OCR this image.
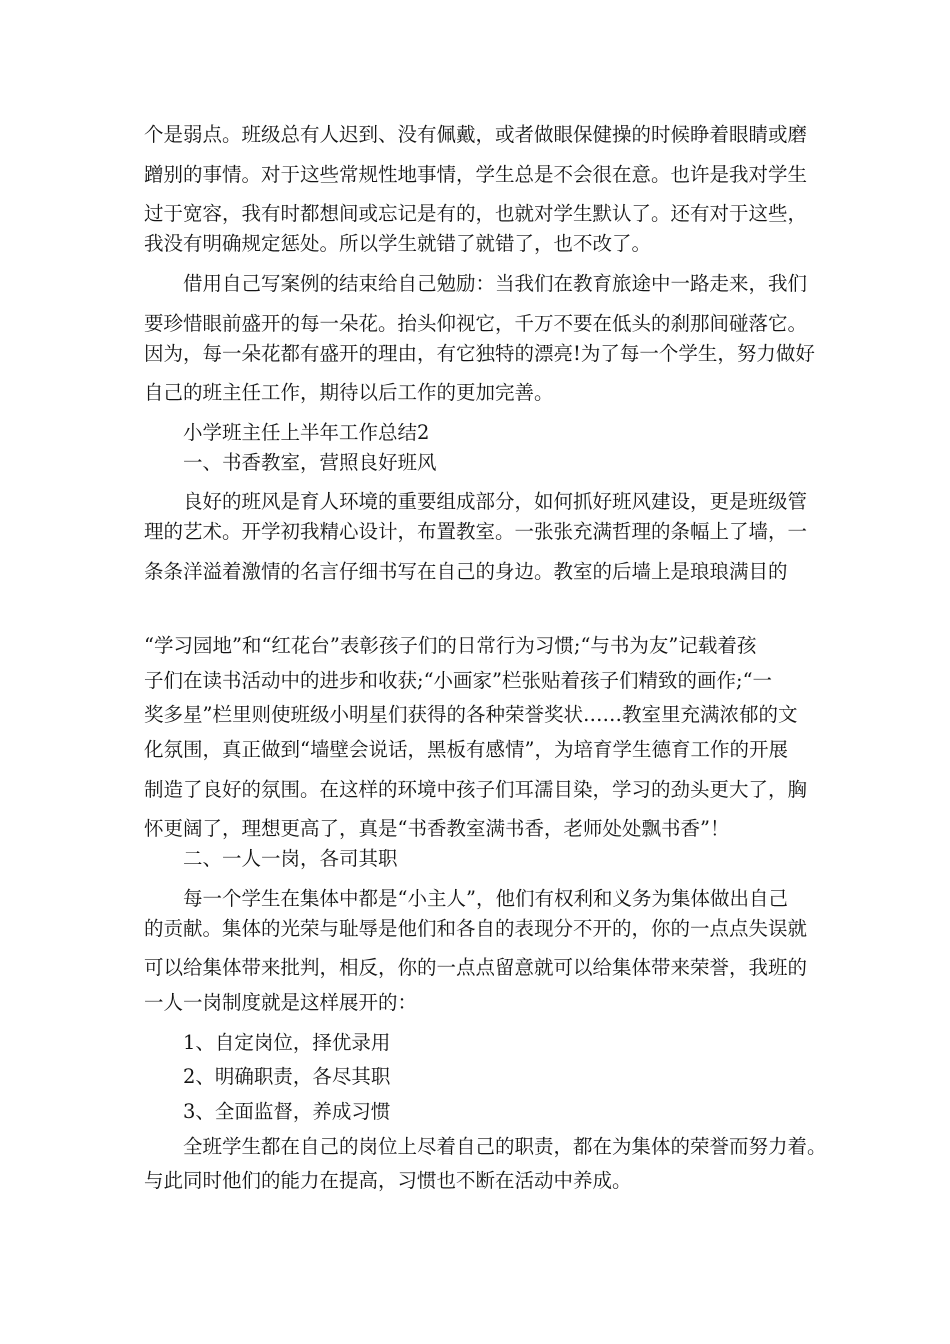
个是弱点。班级总有人迟到、没有佩戴，或者做眼保健操的时候睁着眼睛或磨
蹭别的事情。对于这些常规性地事情，学生总是不会很在意。也许是我对学生
过于宽容，我有时都想间或忘记是有的，也就对学生默认了。还有对于这些，
我没有明确规定惩处。所以学生就错了就错了，也不改了。
借用自己写案例的结束给自己勉励：当我们在教育旅途中一路走来，我们
要珍惜眼前盛开的每一朵花。抬头仰视它，千万不要在低头的刹那间碰落它。
因为，每一朵花都有盛开的理由，有它独特的漂亮!为了每一个学生，努力做好
自己的班主任工作，期待以后工作的更加完善。
小学班主任上半年工作总结2
一、书香教室，营照良好班风
良好的班风是育人环境的重要组成部分，如何抓好班风建设，更是班级管
理的艺术。开学初我精心设计，布置教室。一张张充满哲理的条幅上了墙，一
条条洋溢着激情的名言仔细书写在自己的身边。教室的后墙上是琅琅满目的
“学习园地”和“红花台”表彰孩子们的日常行为习惯;“与书为友”记载着孩
子们在读书活动中的进步和收获;“小画家”栏张贴着孩子们精致的画作;“一
奖多星”栏里则使班级小明星们获得的各种荣誉奖状……教室里充满浓郁的文
化氛围，真正做到“墙壁会说话，黑板有感情”，为培育学生德育工作的开展
制造了良好的氛围。在这样的环境中孩子们耳濡目染，学习的劲头更大了，胸
怀更阔了，理想更高了，真是“书香教室满书香，老师处处飘书香”！
二、一人一岗，各司其职
每一个学生在集体中都是“小主人”，他们有权利和义务为集体做出自己
的贡献。集体的光荣与耻辱是他们和各自的表现分不开的，你的一点点失误就
可以给集体带来批判，相反，你的一点点留意就可以给集体带来荣誉，我班的
一人一岗制度就是这样展开的：
1、自定岗位，择优录用
2、明确职责，各尽其职
3、全面监督，养成习惯
全班学生都在自己的岗位上尽着自己的职责，都在为集体的荣誉而努力着。
与此同时他们的能力在提高，习惯也不断在活动中养成。
